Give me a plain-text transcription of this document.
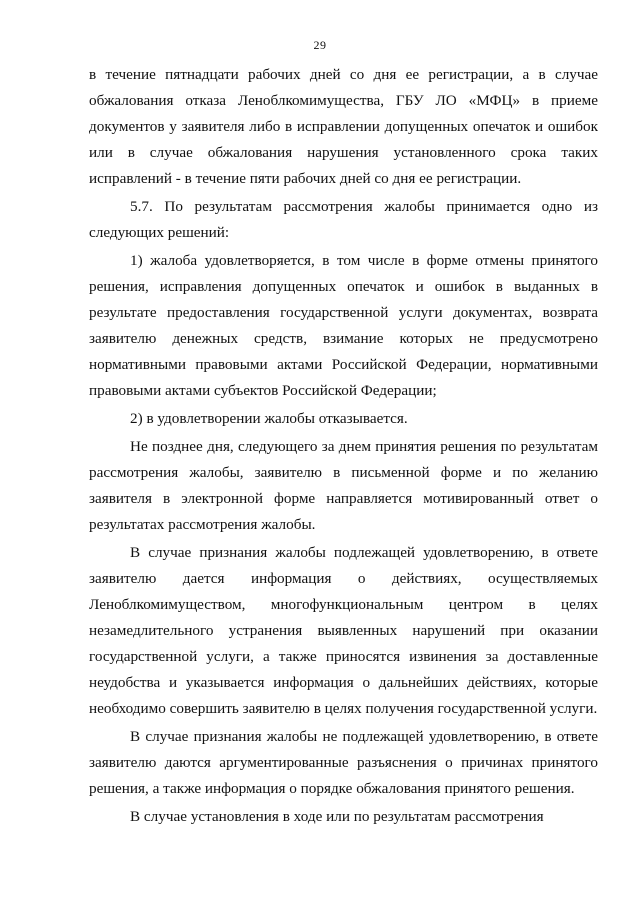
29

в течение пятнадцати рабочих дней со дня ее регистрации, а в случае обжалования отказа Леноблкомимущества, ГБУ ЛО «МФЦ» в приеме документов у заявителя либо в исправлении допущенных опечаток и ошибок или в случае обжалования нарушения установленного срока таких исправлений - в течение пяти рабочих дней со дня ее регистрации.

5.7. По результатам рассмотрения жалобы принимается одно из следующих решений:

1) жалоба удовлетворяется, в том числе в форме отмены принятого решения, исправления допущенных опечаток и ошибок в выданных в результате предоставления государственной услуги документах, возврата заявителю денежных средств, взимание которых не предусмотрено нормативными правовыми актами Российской Федерации, нормативными правовыми актами субъектов Российской Федерации;

2) в удовлетворении жалобы отказывается.

Не позднее дня, следующего за днем принятия решения по результатам рассмотрения жалобы, заявителю в письменной форме и по желанию заявителя в электронной форме направляется мотивированный ответ о результатах рассмотрения жалобы.

В случае признания жалобы подлежащей удовлетворению, в ответе заявителю дается информация о действиях, осуществляемых Леноблкомимуществом, многофункциональным центром в целях незамедлительного устранения выявленных нарушений при оказании государственной услуги, а также приносятся извинения за доставленные неудобства и указывается информация о дальнейших действиях, которые необходимо совершить заявителю в целях получения государственной услуги.

В случае признания жалобы не подлежащей удовлетворению, в ответе заявителю даются аргументированные разъяснения о причинах принятого решения, а также информация о порядке обжалования принятого решения.

В случае установления в ходе или по результатам рассмотрения
